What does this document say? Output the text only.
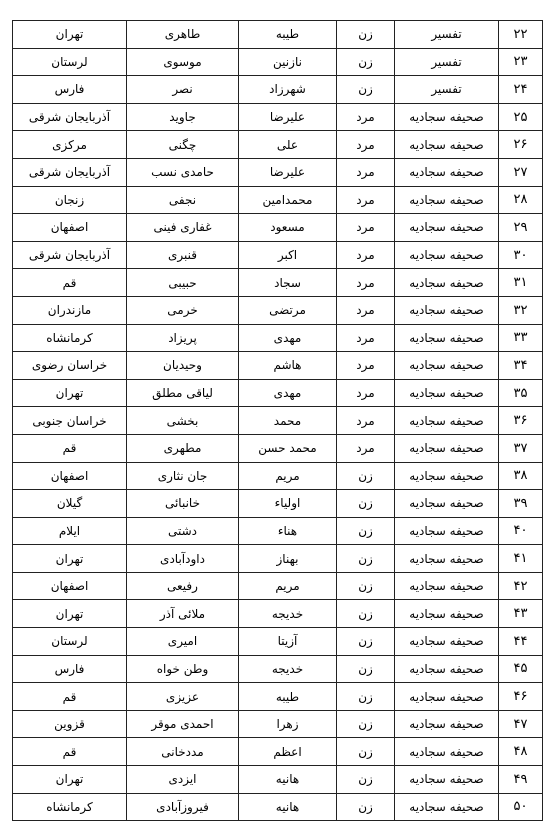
۲۲	تفسیر	زن	طیبه	طاهری	تهران
۲۳	تفسیر	زن	نازنین	موسوی	لرستان
۲۴	تفسیر	زن	شهرزاد	نصر	فارس
۲۵	صحیفه سجادیه	مرد	علیرضا	جاوید	آذربایجان شرقی
۲۶	صحیفه سجادیه	مرد	علی	چگنی	مرکزی
۲۷	صحیفه سجادیه	مرد	علیرضا	حامدی نسب	آذربایجان شرقی
۲۸	صحیفه سجادیه	مرد	محمدامین	نجفی	زنجان
۲۹	صحیفه سجادیه	مرد	مسعود	غفاری فینی	اصفهان
۳۰	صحیفه سجادیه	مرد	اکبر	قنبری	آذربایجان شرقی
۳۱	صحیفه سجادیه	مرد	سجاد	حبیبی	قم
۳۲	صحیفه سجادیه	مرد	مرتضی	خرمی	مازندران
۳۳	صحیفه سجادیه	مرد	مهدی	پریزاد	کرمانشاه
۳۴	صحیفه سجادیه	مرد	هاشم	وحیدیان	خراسان رضوی
۳۵	صحیفه سجادیه	مرد	مهدی	لیاقی مطلق	تهران
۳۶	صحیفه سجادیه	مرد	محمد	بخشی	خراسان جنوبی
۳۷	صحیفه سجادیه	مرد	محمد حسن	مطهری	قم
۳۸	صحیفه سجادیه	زن	مریم	جان نثاری	اصفهان
۳۹	صحیفه سجادیه	زن	اولیاء	خانبائی	گیلان
۴۰	صحیفه سجادیه	زن	هناء	دشتی	ایلام
۴۱	صحیفه سجادیه	زن	بهناز	داودآبادی	تهران
۴۲	صحیفه سجادیه	زن	مریم	رفیعی	اصفهان
۴۳	صحیفه سجادیه	زن	خدیجه	ملائی آذر	تهران
۴۴	صحیفه سجادیه	زن	آزیتا	امیری	لرستان
۴۵	صحیفه سجادیه	زن	خدیجه	وطن خواه	فارس
۴۶	صحیفه سجادیه	زن	طیبه	عزیزی	قم
۴۷	صحیفه سجادیه	زن	زهرا	احمدی موقر	قزوین
۴۸	صحیفه سجادیه	زن	اعظم	مددخانی	قم
۴۹	صحیفه سجادیه	زن	هانیه	ایزدی	تهران
۵۰	صحیفه سجادیه	زن	هانیه	فیروزآبادی	کرمانشاه
